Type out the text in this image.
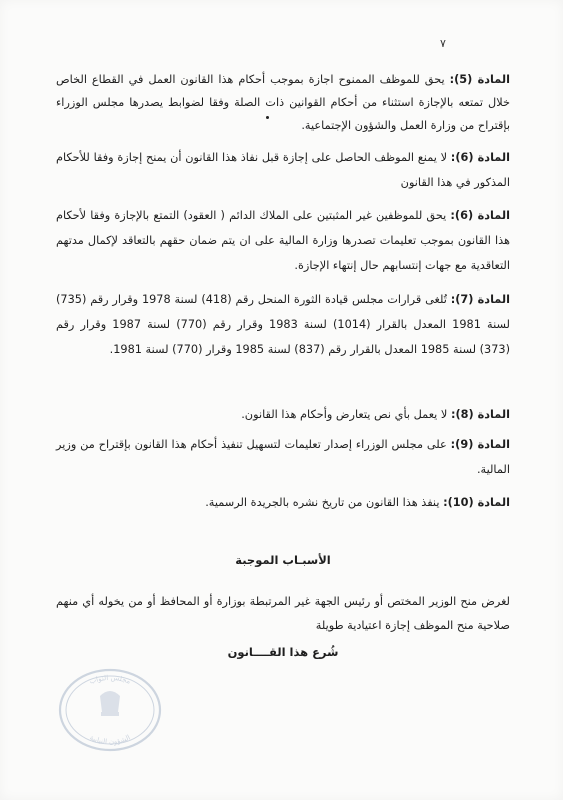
٧
المادة (5): يحق للموظف الممنوح اجازة بموجب أحكام هذا القانون العمل في القطاع الخاص خلال تمتعه بالإجازة استثناء من أحكام القوانين ذات الصلة وفقا لضوابط يصدرها مجلس الوزراء بإقتراح من وزارة العمل والشؤون الإجتماعية.
المادة (6): لا يمنع الموظف الحاصل على إجازة قبل نفاذ هذا القانون أن يمنح إجازة وفقا للأحكام المذكور في هذا القانون
المادة (6): يحق للموظفين غير المثبتين على الملاك الدائم ( العقود) التمتع بالإجازة وفقا لأحكام هذا القانون بموجب تعليمات تصدرها وزارة المالية على ان يتم ضمان حقهم بالتعاقد لإكمال مدتهم التعاقدية مع جهات إنتسابهم حال إنتهاء الإجازة.
المادة (7): تُلغى قرارات مجلس قيادة الثورة المنحل رقم (418) لسنة 1978 وقرار رقم (735) لسنة 1981 المعدل بالقرار (1014) لسنة 1983 وقرار رقم (770) لسنة 1987 وقرار رقم (373) لسنة 1985 المعدل بالقرار رقم (837) لسنة 1985 وقرار (770) لسنة 1981.
المادة (8): لا يعمل بأي نص يتعارض وأحكام هذا القانون.
المادة (9): على مجلس الوزراء إصدار تعليمات لتسهيل تنفيذ أحكام هذا القانون بإقتراح من وزير المالية.
المادة (10): ينفذ هذا القانون من تاريخ نشره بالجريدة الرسمية.
الأسبـاب الموجبة
لغرض منح الوزير المختص أو رئيس الجهة غير المرتبطة بوزارة أو المحافظ أو من يخوله أي منهم صلاحية منح الموظف إجازة اعتيادية طويلة
شُرع هذا القــــانون
مجلس النواب
الشؤون النيابية
